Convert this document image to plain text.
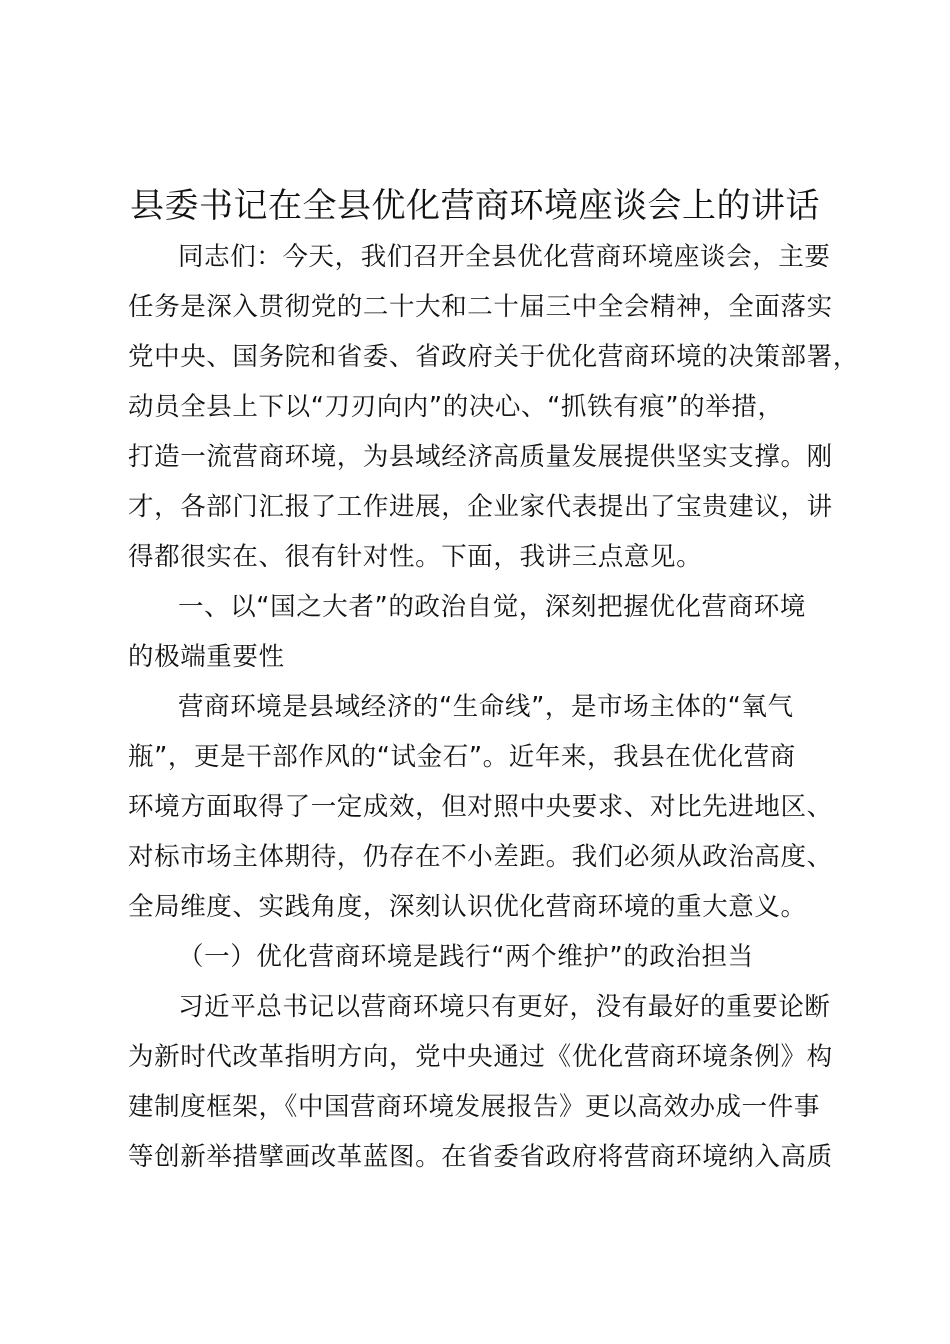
县委书记在全县优化营商环境座谈会上的讲话
同志们：今天，我们召开全县优化营商环境座谈会，主要
任务是深入贯彻党的二十大和二十届三中全会精神，全面落实
党中央、国务院和省委、省政府关于优化营商环境的决策部署，
动员全县上下以“刀刃向内”的决心、“抓铁有痕”的举措，
打造一流营商环境，为县域经济高质量发展提供坚实支撑。刚
才，各部门汇报了工作进展，企业家代表提出了宝贵建议，讲
得都很实在、很有针对性。下面，我讲三点意见。
一、以“国之大者”的政治自觉，深刻把握优化营商环境
的极端重要性
营商环境是县域经济的“生命线”，是市场主体的“氧气
瓶”，更是干部作风的“试金石”。近年来，我县在优化营商
环境方面取得了一定成效，但对照中央要求、对比先进地区、
对标市场主体期待，仍存在不小差距。我们必须从政治高度、
全局维度、实践角度，深刻认识优化营商环境的重大意义。
（一）优化营商环境是践行“两个维护”的政治担当
习近平总书记以营商环境只有更好，没有最好的重要论断
为新时代改革指明方向，党中央通过《优化营商环境条例》构
建制度框架，《中国营商环境发展报告》更以高效办成一件事
等创新举措擘画改革蓝图。在省委省政府将营商环境纳入高质
